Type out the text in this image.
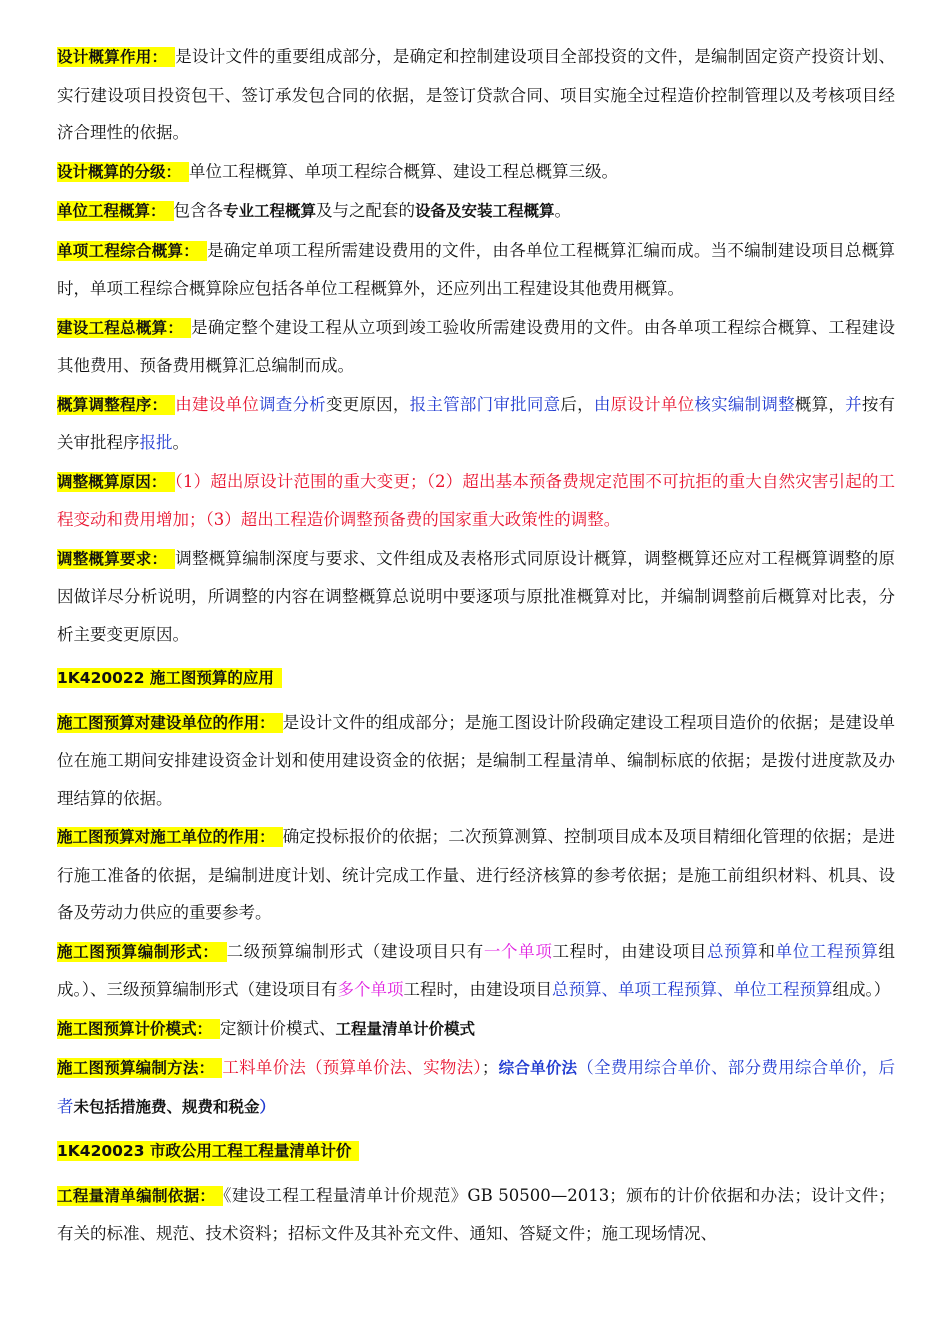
设计概算作用： 是设计文件的重要组成部分，是确定和控制建设项目全部投资的文件，是编制固定资产投资计划、实行建设项目投资包干、签订承发包合同的依据，是签订贷款合同、项目实施全过程造价控制管理以及考核项目经济合理性的依据。

设计概算的分级： 单位工程概算、单项工程综合概算、建设工程总概算三级。

单位工程概算： 包含各专业工程概算及与之配套的设备及安装工程概算。

单项工程综合概算： 是确定单项工程所需建设费用的文件，由各单位工程概算汇编而成。当不编制建设项目总概算时，单项工程综合概算除应包括各单位工程概算外，还应列出工程建设其他费用概算。

建设工程总概算： 是确定整个建设工程从立项到竣工验收所需建设费用的文件。由各单项工程综合概算、工程建设其他费用、预备费用概算汇总编制而成。

概算调整程序： 由建设单位调查分析变更原因，报主管部门审批同意后，由原设计单位核实编制调整概算，并按有关审批程序报批。

调整概算原因： （1）超出原设计范围的重大变更；（2）超出基本预备费规定范围不可抗拒的重大自然灾害引起的工程变动和费用增加；（3）超出工程造价调整预备费的国家重大政策性的调整。

调整概算要求： 调整概算编制深度与要求、文件组成及表格形式同原设计概算，调整概算还应对工程概算调整的原因做详尽分析说明，所调整的内容在调整概算总说明中要逐项与原批准概算对比，并编制调整前后概算对比表，分析主要变更原因。

1K420022 施工图预算的应用

施工图预算对建设单位的作用： 是设计文件的组成部分；是施工图设计阶段确定建设工程项目造价的依据；是建设单位在施工期间安排建设资金计划和使用建设资金的依据；是编制工程量清单、编制标底的依据；是拨付进度款及办理结算的依据。

施工图预算对施工单位的作用： 确定投标报价的依据；二次预算测算、控制项目成本及项目精细化管理的依据；是进行施工准备的依据，是编制进度计划、统计完成工作量、进行经济核算的参考依据；是施工前组织材料、机具、设备及劳动力供应的重要参考。

施工图预算编制形式： 二级预算编制形式（建设项目只有一个单项工程时，由建设项目总预算和单位工程预算组成。）、三级预算编制形式（建设项目有多个单项工程时，由建设项目总预算、单项工程预算、单位工程预算组成。）

施工图预算计价模式： 定额计价模式、工程量清单计价模式

施工图预算编制方法： 工料单价法（预算单价法、实物法）；综合单价法（全费用综合单价、部分费用综合单价，后者未包括措施费、规费和税金）

1K420023 市政公用工程工程量清单计价

工程量清单编制依据： 《建设工程工程量清单计价规范》GB 50500—2013；颁布的计价依据和办法；设计文件；有关的标准、规范、技术资料；招标文件及其补充文件、通知、答疑文件；施工现场情况、
